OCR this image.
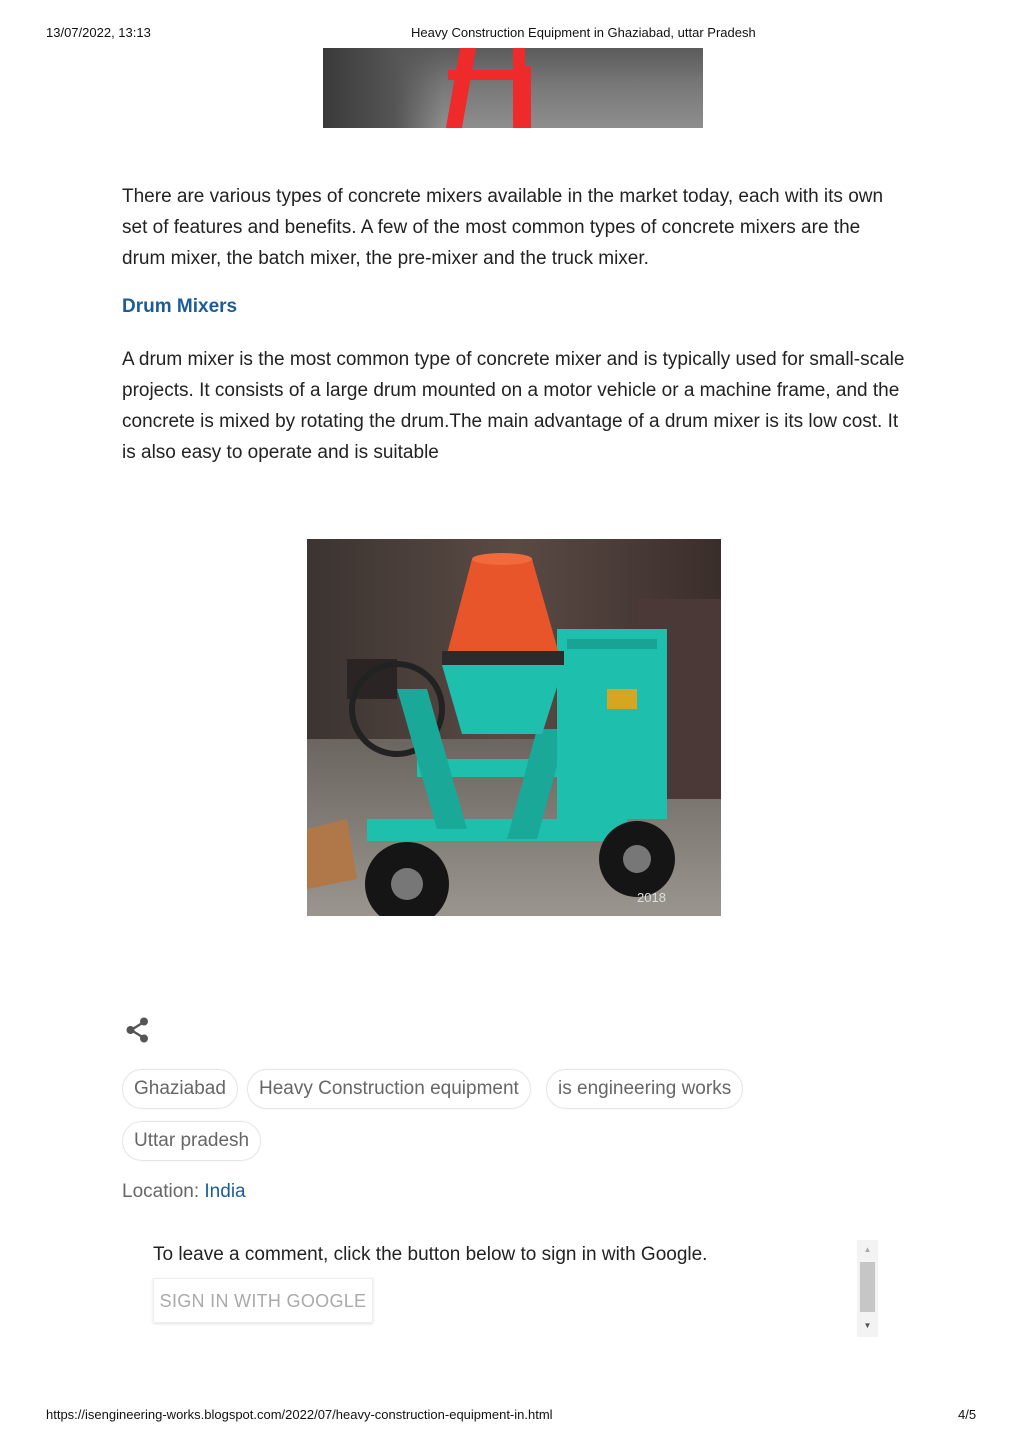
13/07/2022, 13:13	Heavy Construction Equipment in Ghaziabad, uttar Pradesh

There are various types of concrete mixers available in the market today, each with its own set of features and benefits. A few of the most common types of concrete mixers are the drum mixer, the batch mixer, the pre-mixer and the truck mixer.

Drum Mixers

A drum mixer is the most common type of concrete mixer and is typically used for small-scale projects. It consists of a large drum mounted on a motor vehicle or a machine frame, and the concrete is mixed by rotating the drum.The main advantage of a drum mixer is its low cost. It is also easy to operate and is suitable

2018
Ghaziabad	Heavy Construction equipment	is engineering works
Uttar pradesh
Location: India
To leave a comment, click the button below to sign in with Google.
SIGN IN WITH GOOGLE
▲
▼
https://isengineering-works.blogspot.com/2022/07/heavy-construction-equipment-in.html	4/5
